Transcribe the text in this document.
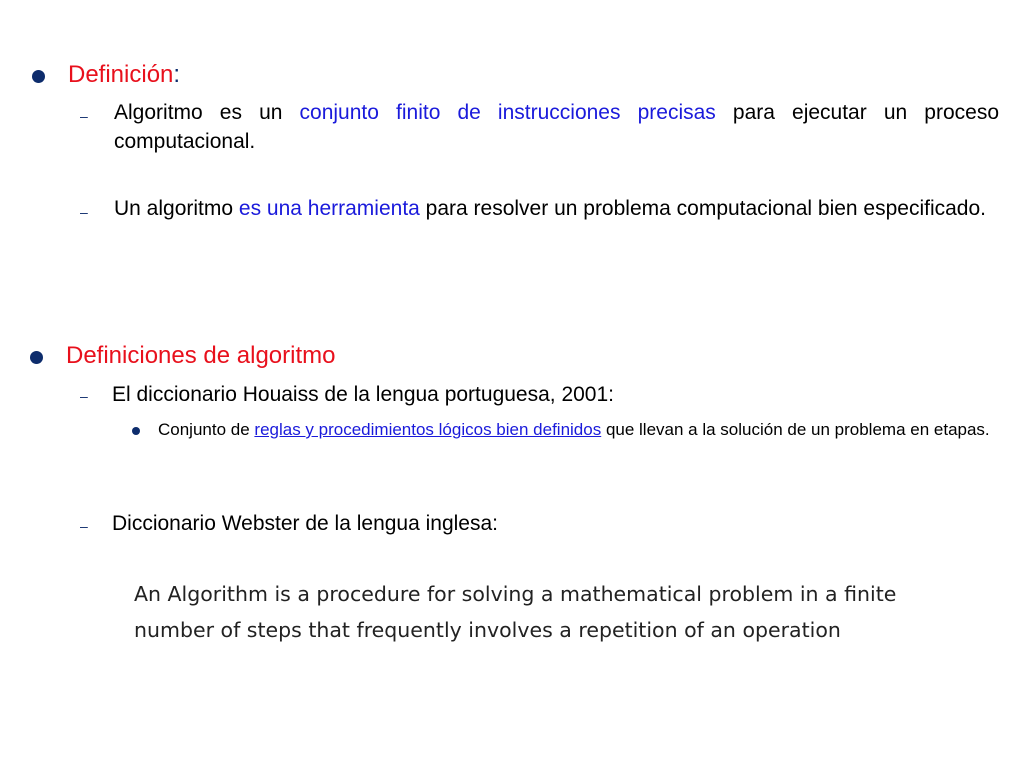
Definición:
– Algoritmo es un conjunto finito de instrucciones precisas para ejecutar un proceso computacional.
– Un algoritmo es una herramienta para resolver un problema computacional bien especificado.
Definiciones de algoritmo
– El diccionario Houaiss de la lengua portuguesa, 2001:
Conjunto de reglas y procedimientos lógicos bien definidos que llevan a la solución de un problema en etapas.
– Diccionario Webster de la lengua inglesa:
An Algorithm is a procedure for solving a mathematical problem in a finite
number of steps that frequently involves a repetition of an operation
